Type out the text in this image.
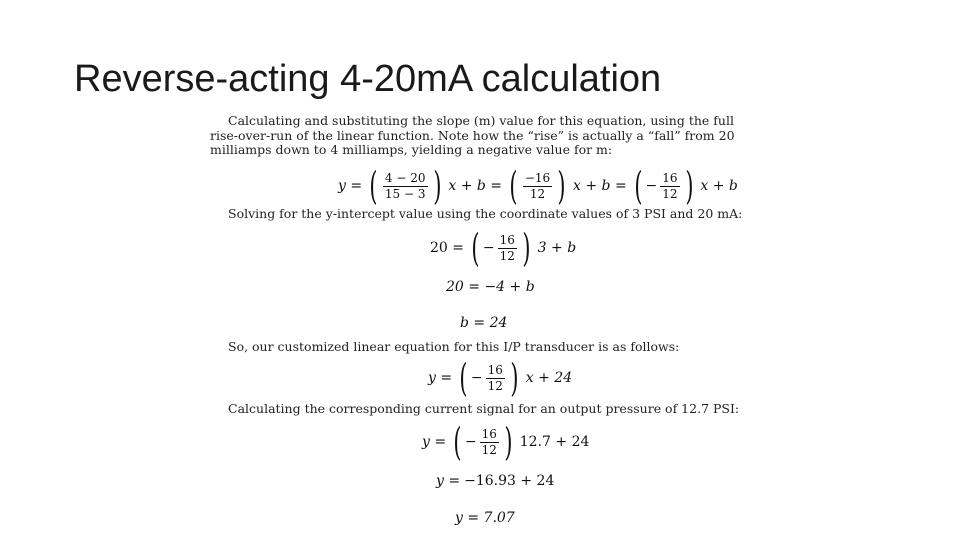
Reverse-acting 4-20mA calculation

Calculating and substituting the slope (m) value for this equation, using the full rise-over-run of the linear function. Note how the “rise” is actually a “fall” from 20 milliamps down to 4 milliamps, yielding a negative value for m:

y = ( $\frac{4 - 20}{15 - 3}$ ) x + b = ( $\frac{-16}{12}$ ) x + b = ( − $\frac{16}{12}$ ) x + b

Solving for the y-intercept value using the coordinate values of 3 PSI and 20 mA:

20 = ( − $\frac{16}{12}$ ) 3 + b
20 = −4 + b
b = 24

So, our customized linear equation for this I/P transducer is as follows:

y = ( − $\frac{16}{12}$ ) x + 24

Calculating the corresponding current signal for an output pressure of 12.7 PSI:

y = ( − $\frac{16}{12}$ ) 12.7 + 24
y = −16.93 + 24
y = 7.07
